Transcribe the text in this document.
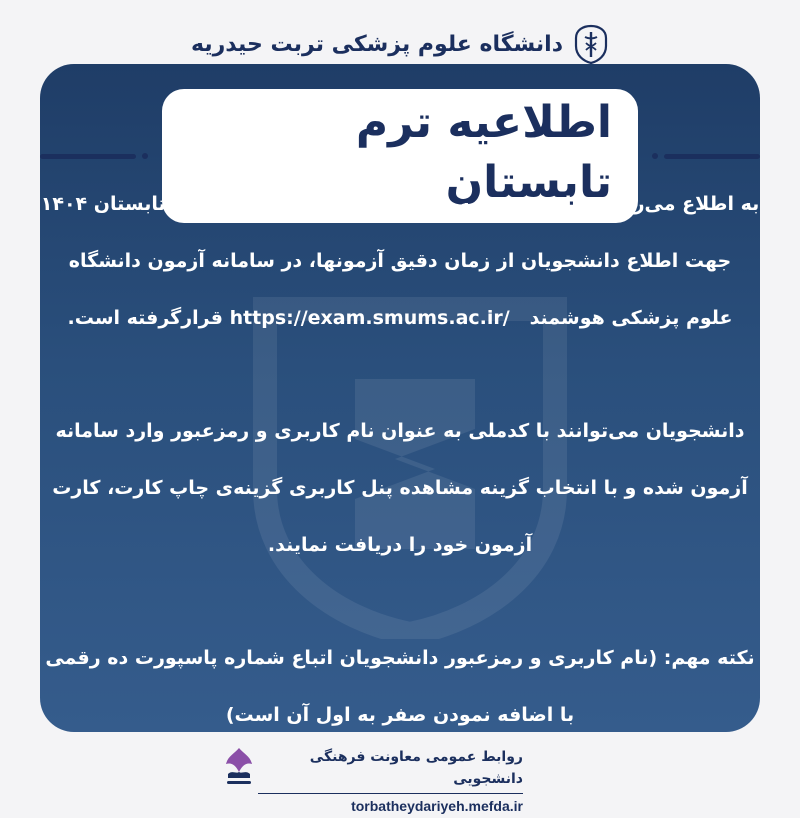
دانشگاه علوم پزشکی تربت حیدریه

اطلاعیه ترم تابستان

به اطلاع می‌رساند کارت ورود به جلسه آزمون حضوری پایان‌ترم تابستان ۱۴۰۴

جهت اطلاع دانشجویان از زمان دقیق آزمونها، در سامانه آزمون دانشگاه

علوم پزشکی هوشمند   https://exam.smums.ac.ir/ قرارگرفته است.

دانشجویان می‌توانند با کدملی به عنوان نام کاربری و رمزعبور وارد سامانه

آزمون شده و با انتخاب گزینه مشاهده پنل کاربری گزینه‌ی چاپ کارت، کارت

آزمون خود را دریافت نمایند.

نکته مهم: (نام کاربری و رمزعبور دانشجویان اتباع شماره پاسپورت ده رقمی

با اضافه نمودن صفر به اول آن است)

روابط عمومی معاونت فرهنگی دانشجویی
torbatheydariyeh.mefda.ir
